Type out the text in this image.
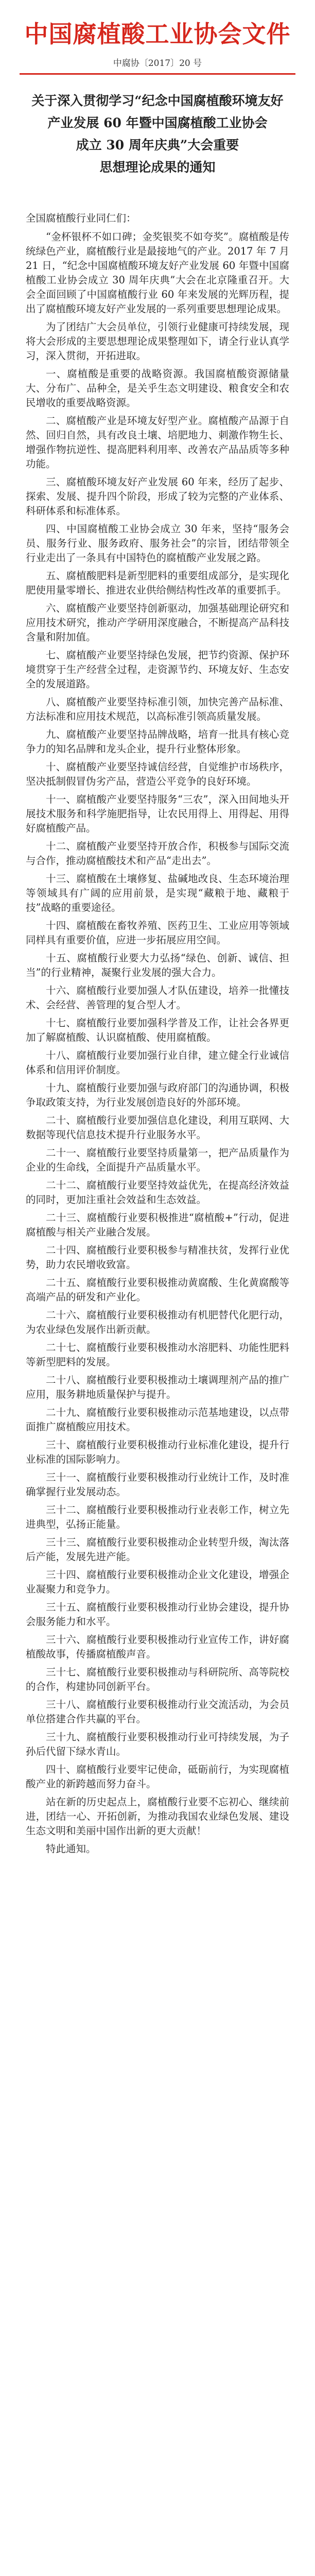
中国腐植酸工业协会文件
中腐协〔2017〕20 号
关于深入贯彻学习“纪念中国腐植酸环境友好
产业发展 60 年暨中国腐植酸工业协会
成立 30 周年庆典”大会重要
思想理论成果的通知

全国腐植酸行业同仁们：

“金杯银杯不如口碑；金奖银奖不如夸奖”。腐植酸是传统绿色产业，腐植酸行业是最接地气的产业。2017 年 7 月 21 日，“纪念中国腐植酸环境友好产业发展 60 年暨中国腐植酸工业协会成立 30 周年庆典”大会在北京隆重召开。大会全面回顾了中国腐植酸行业 60 年来发展的光辉历程，提出了腐植酸环境友好产业发展的一系列重要思想理论成果。

为了团结广大会员单位，引领行业健康可持续发展，现将大会形成的主要思想理论成果整理如下，请全行业认真学习，深入贯彻，开拓进取。

一、腐植酸是重要的战略资源。我国腐植酸资源储量大、分布广、品种全，是关乎生态文明建设、粮食安全和农民增收的重要战略资源。

二、腐植酸产业是环境友好型产业。腐植酸产品源于自然、回归自然，具有改良土壤、培肥地力、刺激作物生长、增强作物抗逆性、提高肥料利用率、改善农产品品质等多种功能。

三、腐植酸环境友好产业发展 60 年来，经历了起步、探索、发展、提升四个阶段，形成了较为完整的产业体系、科研体系和标准体系。

四、中国腐植酸工业协会成立 30 年来，坚持“服务会员、服务行业、服务政府、服务社会”的宗旨，团结带领全行业走出了一条具有中国特色的腐植酸产业发展之路。

五、腐植酸肥料是新型肥料的重要组成部分，是实现化肥使用量零增长、推进农业供给侧结构性改革的重要抓手。

六、腐植酸产业要坚持创新驱动，加强基础理论研究和应用技术研究，推动产学研用深度融合，不断提高产品科技含量和附加值。

七、腐植酸产业要坚持绿色发展，把节约资源、保护环境贯穿于生产经营全过程，走资源节约、环境友好、生态安全的发展道路。

八、腐植酸产业要坚持标准引领，加快完善产品标准、方法标准和应用技术规范，以高标准引领高质量发展。

九、腐植酸产业要坚持品牌战略，培育一批具有核心竞争力的知名品牌和龙头企业，提升行业整体形象。

十、腐植酸产业要坚持诚信经营，自觉维护市场秩序，坚决抵制假冒伪劣产品，营造公平竞争的良好环境。

十一、腐植酸产业要坚持服务“三农”，深入田间地头开展技术服务和科学施肥指导，让农民用得上、用得起、用得好腐植酸产品。

十二、腐植酸产业要坚持开放合作，积极参与国际交流与合作，推动腐植酸技术和产品“走出去”。

十三、腐植酸在土壤修复、盐碱地改良、生态环境治理等领域具有广阔的应用前景，是实现“藏粮于地、藏粮于技”战略的重要途径。

十四、腐植酸在畜牧养殖、医药卫生、工业应用等领域同样具有重要价值，应进一步拓展应用空间。

十五、腐植酸行业要大力弘扬“绿色、创新、诚信、担当”的行业精神，凝聚行业发展的强大合力。

十六、腐植酸行业要加强人才队伍建设，培养一批懂技术、会经营、善管理的复合型人才。

十七、腐植酸行业要加强科学普及工作，让社会各界更加了解腐植酸、认识腐植酸、使用腐植酸。

十八、腐植酸行业要加强行业自律，建立健全行业诚信体系和信用评价制度。

十九、腐植酸行业要加强与政府部门的沟通协调，积极争取政策支持，为行业发展创造良好的外部环境。

二十、腐植酸行业要加强信息化建设，利用互联网、大数据等现代信息技术提升行业服务水平。

二十一、腐植酸行业要坚持质量第一，把产品质量作为企业的生命线，全面提升产品质量水平。

二十二、腐植酸行业要坚持效益优先，在提高经济效益的同时，更加注重社会效益和生态效益。

二十三、腐植酸行业要积极推进“腐植酸+”行动，促进腐植酸与相关产业融合发展。

二十四、腐植酸行业要积极参与精准扶贫，发挥行业优势，助力农民增收致富。

二十五、腐植酸行业要积极推动黄腐酸、生化黄腐酸等高端产品的研发和产业化。

二十六、腐植酸行业要积极推动有机肥替代化肥行动，为农业绿色发展作出新贡献。

二十七、腐植酸行业要积极推动水溶肥料、功能性肥料等新型肥料的发展。

二十八、腐植酸行业要积极推动土壤调理剂产品的推广应用，服务耕地质量保护与提升。

二十九、腐植酸行业要积极推动示范基地建设，以点带面推广腐植酸应用技术。

三十、腐植酸行业要积极推动行业标准化建设，提升行业标准的国际影响力。

三十一、腐植酸行业要积极推动行业统计工作，及时准确掌握行业发展动态。

三十二、腐植酸行业要积极推动行业表彰工作，树立先进典型，弘扬正能量。

三十三、腐植酸行业要积极推动企业转型升级，淘汰落后产能，发展先进产能。

三十四、腐植酸行业要积极推动企业文化建设，增强企业凝聚力和竞争力。

三十五、腐植酸行业要积极推动行业协会建设，提升协会服务能力和水平。

三十六、腐植酸行业要积极推动行业宣传工作，讲好腐植酸故事，传播腐植酸声音。

三十七、腐植酸行业要积极推动与科研院所、高等院校的合作，构建协同创新平台。

三十八、腐植酸行业要积极推动行业交流活动，为会员单位搭建合作共赢的平台。

三十九、腐植酸行业要积极推动行业可持续发展，为子孙后代留下绿水青山。

四十、腐植酸行业要牢记使命，砥砺前行，为实现腐植酸产业的新跨越而努力奋斗。

站在新的历史起点上，腐植酸行业要不忘初心、继续前进，团结一心、开拓创新，为推动我国农业绿色发展、建设生态文明和美丽中国作出新的更大贡献！

特此通知。
